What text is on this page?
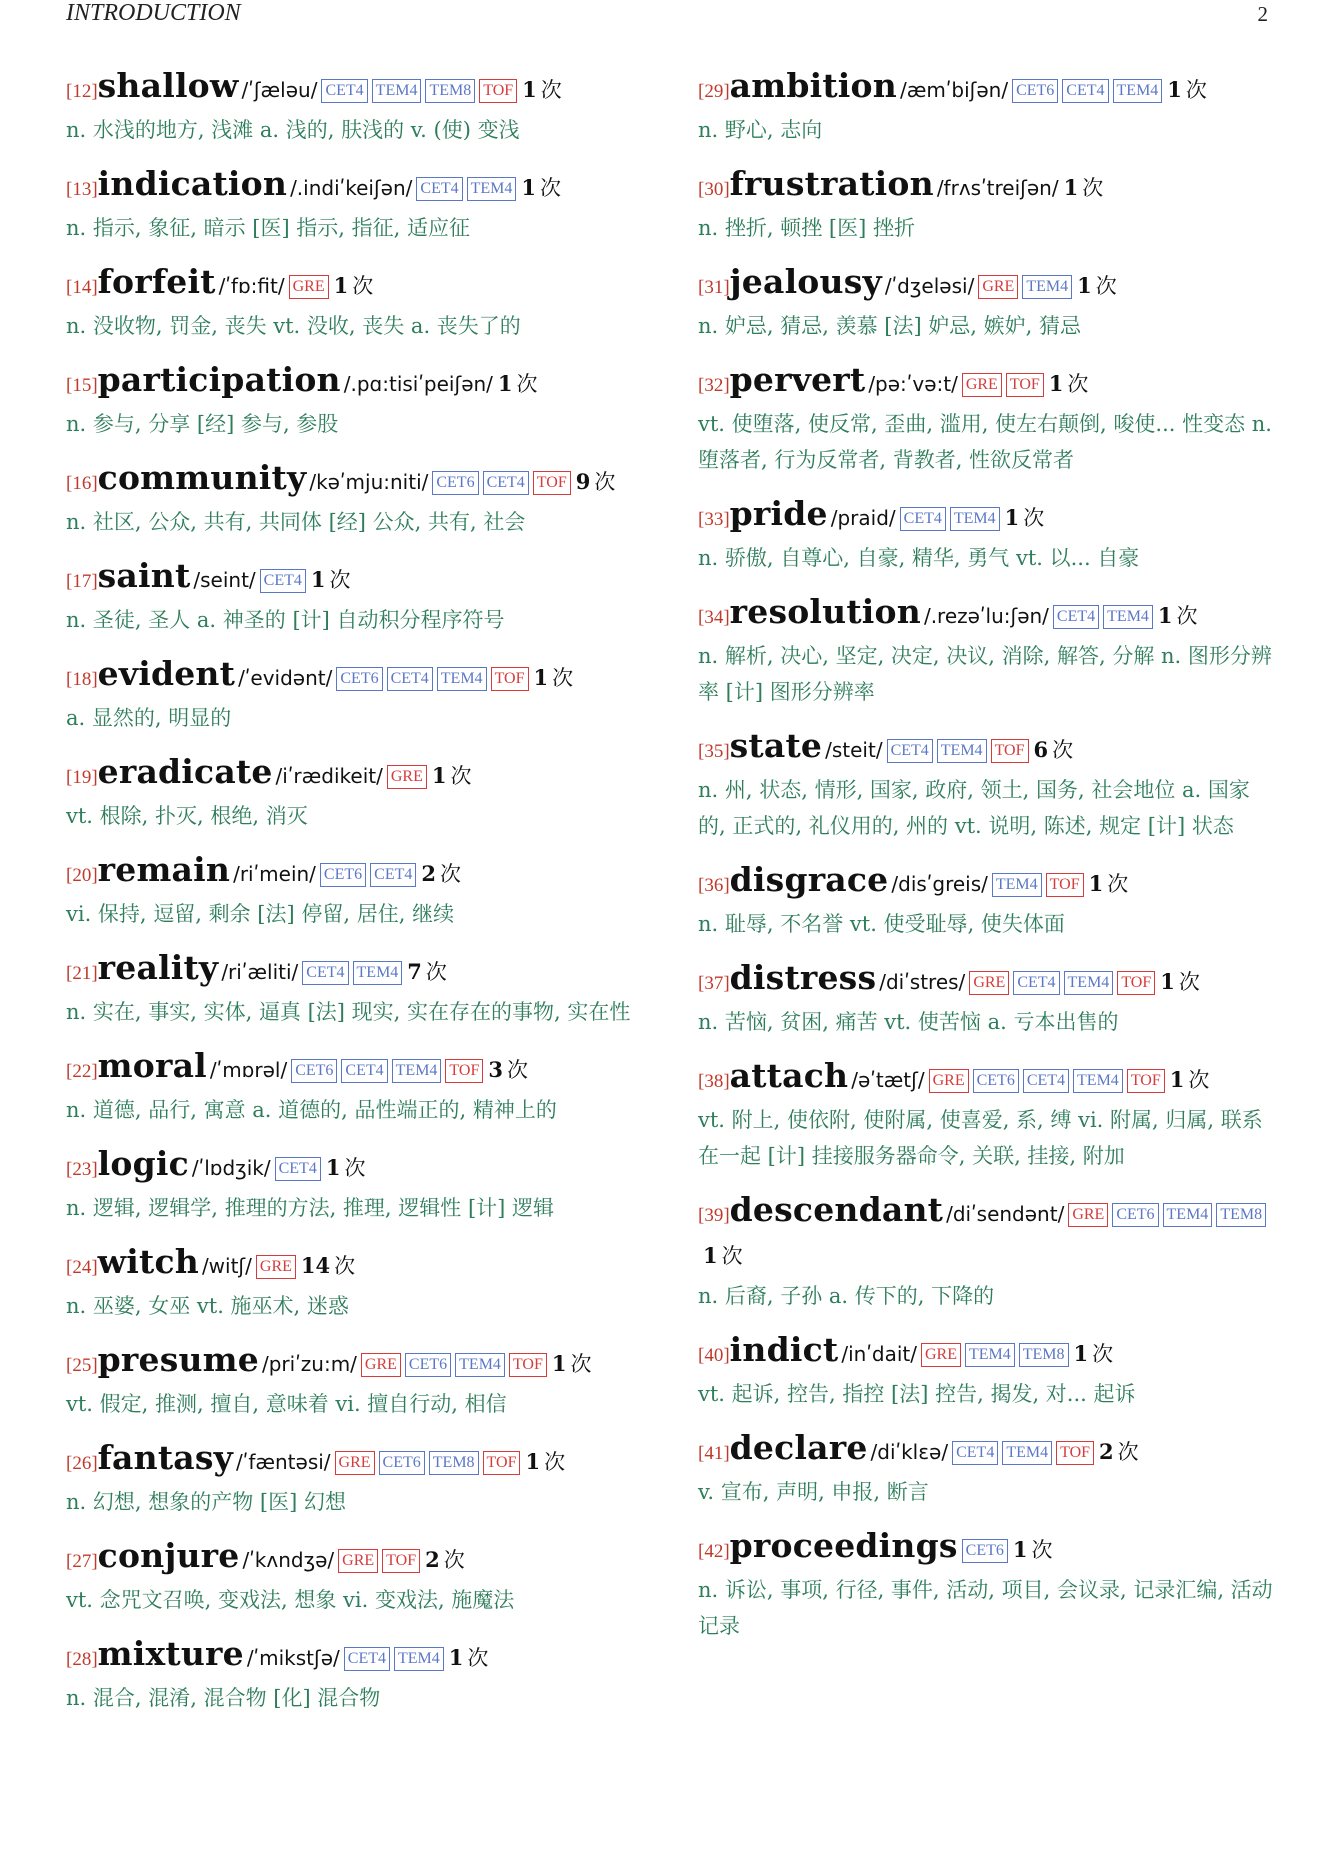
INTRODUCTION	2
[12]shallow /ʹʃæləu/ CET4 TEM4 TEM8 TOF 1 次
n. 水浅的地方, 浅滩 a. 浅的, 肤浅的 v. (使) 变浅
[13]indication /.indiʹkeiʃən/ CET4 TEM4 1 次
n. 指示, 象征, 暗示 [医] 指示, 指征, 适应征
[14]forfeit /ʹfɒ:fit/ GRE 1 次
n. 没收物, 罚金, 丧失 vt. 没收, 丧失 a. 丧失了的
[15]participation /.pɑ:tisiʹpeiʃən/ 1 次
n. 参与, 分享 [经] 参与, 参股
[16]community /kəʹmju:niti/ CET6 CET4 TOF 9 次
n. 社区, 公众, 共有, 共同体 [经] 公众, 共有, 社会
[17]saint /seint/ CET4 1 次
n. 圣徒, 圣人 a. 神圣的 [计] 自动积分程序符号
[18]evident /ʹevidənt/ CET6 CET4 TEM4 TOF 1 次
a. 显然的, 明显的
[19]eradicate /iʹrædikeit/ GRE 1 次
vt. 根除, 扑灭, 根绝, 消灭
[20]remain /riʹmein/ CET6 CET4 2 次
vi. 保持, 逗留, 剩余 [法] 停留, 居住, 继续
[21]reality /riʹæliti/ CET4 TEM4 7 次
n. 实在, 事实, 实体, 逼真 [法] 现实, 实在存在的事物, 实在性
[22]moral /ʹmɒrəl/ CET6 CET4 TEM4 TOF 3 次
n. 道德, 品行, 寓意 a. 道德的, 品性端正的, 精神上的
[23]logic /ʹlɒdʒik/ CET4 1 次
n. 逻辑, 逻辑学, 推理的方法, 推理, 逻辑性 [计] 逻辑
[24]witch /witʃ/ GRE 14 次
n. 巫婆, 女巫 vt. 施巫术, 迷惑
[25]presume /priʹzu:m/ GRE CET6 TEM4 TOF 1 次
vt. 假定, 推测, 擅自, 意味着 vi. 擅自行动, 相信
[26]fantasy /ʹfæntəsi/ GRE CET6 TEM8 TOF 1 次
n. 幻想, 想象的产物 [医] 幻想
[27]conjure /ʹkʌndʒə/ GRE TOF 2 次
vt. 念咒文召唤, 变戏法, 想象 vi. 变戏法, 施魔法
[28]mixture /ʹmikstʃə/ CET4 TEM4 1 次
n. 混合, 混淆, 混合物 [化] 混合物
[29]ambition /æmʹbiʃən/ CET6 CET4 TEM4 1 次
n. 野心, 志向
[30]frustration /frʌsʹtreiʃən/ 1 次
n. 挫折, 顿挫 [医] 挫折
[31]jealousy /ʹdʒeləsi/ GRE TEM4 1 次
n. 妒忌, 猜忌, 羡慕 [法] 妒忌, 嫉妒, 猜忌
[32]pervert /pə:ʹvə:t/ GRE TOF 1 次
vt. 使堕落, 使反常, 歪曲, 滥用, 使左右颠倒, 唆使... 性变态 n. 堕落者, 行为反常者, 背教者, 性欲反常者
[33]pride /praid/ CET4 TEM4 1 次
n. 骄傲, 自尊心, 自豪, 精华, 勇气 vt. 以... 自豪
[34]resolution /.rezəʹlu:ʃən/ CET4 TEM4 1 次
n. 解析, 决心, 坚定, 决定, 决议, 消除, 解答, 分解 n. 图形分辨率 [计] 图形分辨率
[35]state /steit/ CET4 TEM4 TOF 6 次
n. 州, 状态, 情形, 国家, 政府, 领土, 国务, 社会地位 a. 国家的, 正式的, 礼仪用的, 州的 vt. 说明, 陈述, 规定 [计] 状态
[36]disgrace /disʹgreis/ TEM4 TOF 1 次
n. 耻辱, 不名誉 vt. 使受耻辱, 使失体面
[37]distress /diʹstres/ GRE CET4 TEM4 TOF 1 次
n. 苦恼, 贫困, 痛苦 vt. 使苦恼 a. 亏本出售的
[38]attach /əʹtætʃ/ GRE CET6 CET4 TEM4 TOF 1 次
vt. 附上, 使依附, 使附属, 使喜爱, 系, 缚 vi. 附属, 归属, 联系在一起 [计] 挂接服务器命令, 关联, 挂接, 附加
[39]descendant /diʹsendənt/ GRE CET6 TEM4 TEM81 次
n. 后裔, 子孙 a. 传下的, 下降的
[40]indict /inʹdait/ GRE TEM4 TEM8 1 次
vt. 起诉, 控告, 指控 [法] 控告, 揭发, 对... 起诉
[41]declare /diʹklɛə/ CET4 TEM4 TOF 2 次
v. 宣布, 声明, 申报, 断言
[42]proceedings CET6 1 次
n. 诉讼, 事项, 行径, 事件, 活动, 项目, 会议录, 记录汇编, 活动记录
